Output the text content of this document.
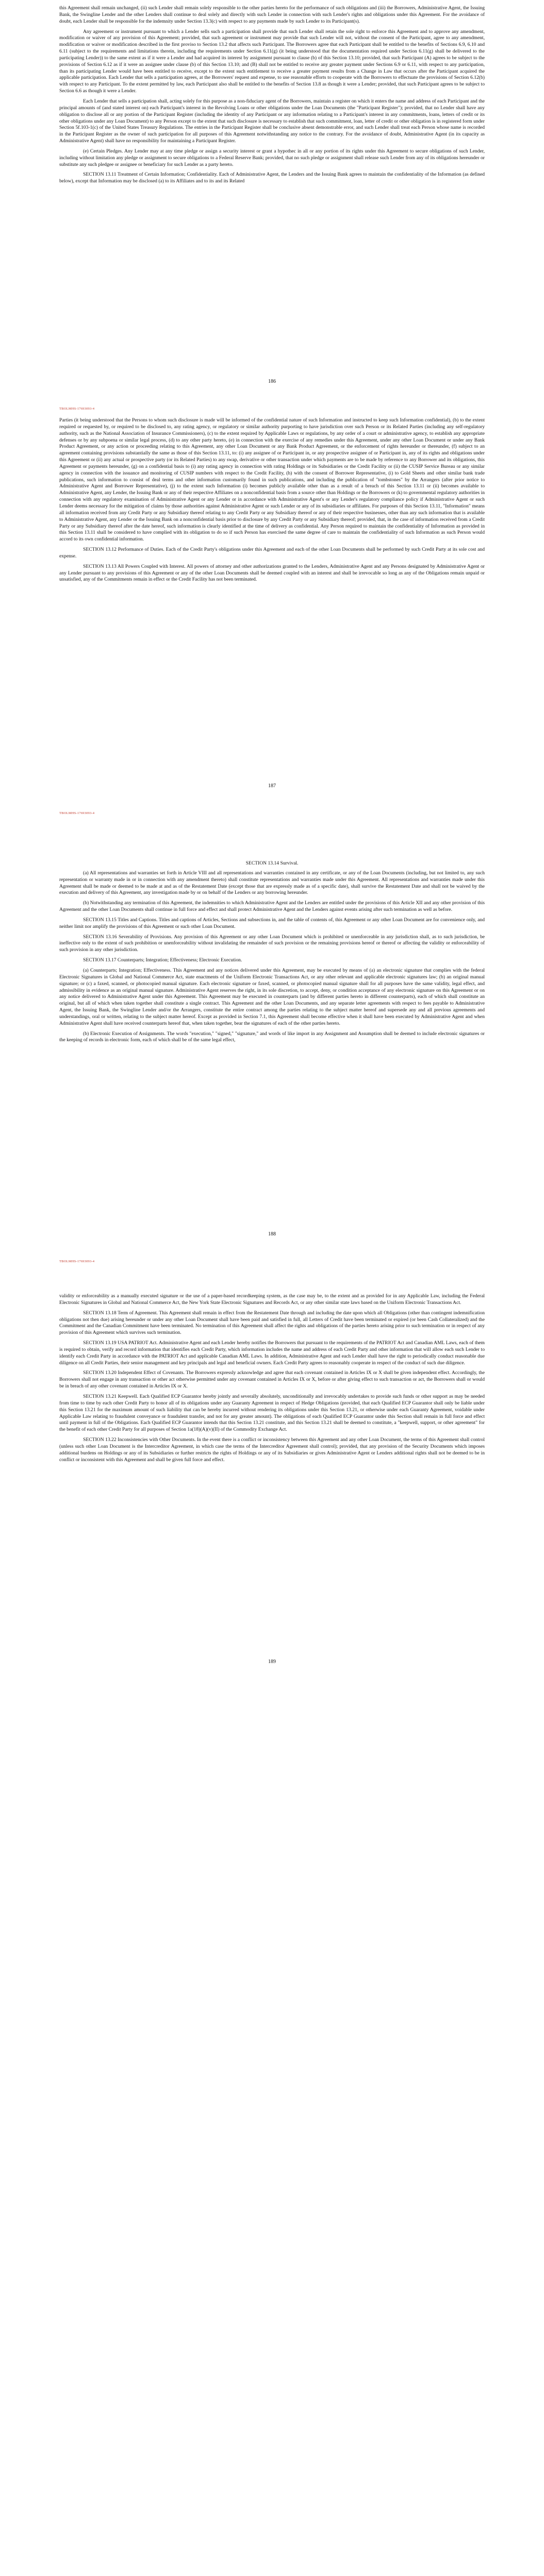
this Agreement shall remain unchanged, (ii) such Lender shall remain solely responsible to the other parties hereto for the performance of such obligations and (iii) the Borrowers, Administrative Agent, the Issuing Bank, the Swingline Lender and the other Lenders shall continue to deal solely and directly with such Lender in connection with such Lender's rights and obligations under this Agreement. For the avoidance of doubt, each Lender shall be responsible for the indemnity under Section 13.3(c) with respect to any payments made by such Lender to its Participant(s).

Any agreement or instrument pursuant to which a Lender sells such a participation shall provide that such Lender shall retain the sole right to enforce this Agreement and to approve any amendment, modification or waiver of any provision of this Agreement; provided, that such agreement or instrument may provide that such Lender will not, without the consent of the Participant, agree to any amendment, modification or waiver or modification described in the first proviso to Section 13.2 that affects such Participant. The Borrowers agree that each Participant shall be entitled to the benefits of Sections 6.9, 6.10 and 6.11 (subject to the requirements and limitations therein, including the requirements under Section 6.11(g) (it being understood that the documentation required under Section 6.11(g) shall be delivered to the participating Lender)) to the same extent as if it were a Lender and had acquired its interest by assignment pursuant to clause (b) of this Section 13.10; provided, that such Participant (A) agrees to be subject to the provisions of Section 6.12 as if it were an assignee under clause (b) of this Section 13.10; and (B) shall not be entitled to receive any greater payment under Sections 6.9 or 6.11, with respect to any participation, than its participating Lender would have been entitled to receive, except to the extent such entitlement to receive a greater payment results from a Change in Law that occurs after the Participant acquired the applicable participation. Each Lender that sells a participation agrees, at the Borrowers' request and expense, to use reasonable efforts to cooperate with the Borrowers to effectuate the provisions of Section 6.12(b) with respect to any Participant. To the extent permitted by law, each Participant also shall be entitled to the benefits of Section 13.8 as though it were a Lender; provided, that such Participant agrees to be subject to Section 6.6 as though it were a Lender.

Each Lender that sells a participation shall, acting solely for this purpose as a non-fiduciary agent of the Borrowers, maintain a register on which it enters the name and address of each Participant and the principal amounts of (and stated interest on) each Participant's interest in the Revolving Loans or other obligations under the Loan Documents (the "Participant Register"); provided, that no Lender shall have any obligation to disclose all or any portion of the Participant Register (including the identity of any Participant or any information relating to a Participant's interest in any commitments, loans, letters of credit or its other obligations under any Loan Document) to any Person except to the extent that such disclosure is necessary to establish that such commitment, loan, letter of credit or other obligation is in registered form under Section 5f.103-1(c) of the United States Treasury Regulations. The entries in the Participant Register shall be conclusive absent demonstrable error, and such Lender shall treat each Person whose name is recorded in the Participant Register as the owner of such participation for all purposes of this Agreement notwithstanding any notice to the contrary. For the avoidance of doubt, Administrative Agent (in its capacity as Administrative Agent) shall have no responsibility for maintaining a Participant Register.

(e) Certain Pledges. Any Lender may at any time pledge or assign a security interest or grant a hypothec in all or any portion of its rights under this Agreement to secure obligations of such Lender, including without limitation any pledge or assignment to secure obligations to a Federal Reserve Bank; provided, that no such pledge or assignment shall release such Lender from any of its obligations hereunder or substitute any such pledgee or assignee or beneficiary for such Lender as a party hereto.

SECTION 13.11 Treatment of Certain Information; Confidentiality. Each of Administrative Agent, the Lenders and the Issuing Bank agrees to maintain the confidentiality of the Information (as defined below), except that Information may be disclosed (a) to its Affiliates and to its and its Related

186
TBOLMHS-17693093-4

Parties (it being understood that the Persons to whom such disclosure is made will be informed of the confidential nature of such Information and instructed to keep such Information confidential), (b) to the extent required or requested by, or required to be disclosed to, any rating agency, or regulatory or similar authority purporting to have jurisdiction over such Person or its Related Parties (including any self-regulatory authority, such as the National Association of Insurance Commissioners), (c) to the extent required by Applicable Laws or regulations, by any order of a court or administrative agency, to establish any appropriate defenses or by any subpoena or similar legal process, (d) to any other party hereto, (e) in connection with the exercise of any remedies under this Agreement, under any other Loan Document or under any Bank Product Agreement, or any action or proceeding relating to this Agreement, any other Loan Document or any Bank Product Agreement, or the enforcement of rights hereunder or thereunder, (f) subject to an agreement containing provisions substantially the same as those of this Section 13.11, to: (i) any assignee of or Participant in, or any prospective assignee of or Participant in, any of its rights and obligations under this Agreement or (ii) any actual or prospective party (or its Related Parties) to any swap, derivative or other transaction under which payments are to be made by reference to any Borrower and its obligations, this Agreement or payments hereunder, (g) on a confidential basis to (i) any rating agency in connection with rating Holdings or its Subsidiaries or the Credit Facility or (ii) the CUSIP Service Bureau or any similar agency in connection with the issuance and monitoring of CUSIP numbers with respect to the Credit Facility, (h) with the consent of Borrower Representative, (i) to Gold Sheets and other similar bank trade publications, such information to consist of deal terms and other information customarily found in such publications, and including the publication of "tombstones" by the Arrangers (after prior notice to Administrative Agent and Borrower Representative), (j) to the extent such Information (i) becomes publicly available other than as a result of a breach of this Section 13.11 or (ii) becomes available to Administrative Agent, any Lender, the Issuing Bank or any of their respective Affiliates on a nonconfidential basis from a source other than Holdings or the Borrowers or (k) to governmental regulatory authorities in connection with any regulatory examination of Administrative Agent or any Lender or in accordance with Administrative Agent's or any Lender's regulatory compliance policy if Administrative Agent or such Lender deems necessary for the mitigation of claims by those authorities against Administrative Agent or such Lender or any of its subsidiaries or affiliates. For purposes of this Section 13.11, "Information" means all information received from any Credit Party or any Subsidiary thereof relating to any Credit Party or any Subsidiary thereof or any of their respective businesses, other than any such information that is available to Administrative Agent, any Lender or the Issuing Bank on a nonconfidential basis prior to disclosure by any Credit Party or any Subsidiary thereof; provided, that, in the case of information received from a Credit Party or any Subsidiary thereof after the date hereof, such information is clearly identified at the time of delivery as confidential. Any Person required to maintain the confidentiality of Information as provided in this Section 13.11 shall be considered to have complied with its obligation to do so if such Person has exercised the same degree of care to maintain the confidentiality of such Information as such Person would accord to its own confidential information.

SECTION 13.12 Performance of Duties. Each of the Credit Party's obligations under this Agreement and each of the other Loan Documents shall be performed by such Credit Party at its sole cost and expense.

SECTION 13.13 All Powers Coupled with Interest. All powers of attorney and other authorizations granted to the Lenders, Administrative Agent and any Persons designated by Administrative Agent or any Lender pursuant to any provisions of this Agreement or any of the other Loan Documents shall be deemed coupled with an interest and shall be irrevocable so long as any of the Obligations remain unpaid or unsatisfied, any of the Commitments remain in effect or the Credit Facility has not been terminated.

187
TBOLMHS-17693093-4

SECTION 13.14 Survival.

(a) All representations and warranties set forth in Article VIII and all representations and warranties contained in any certificate, or any of the Loan Documents (including, but not limited to, any such representation or warranty made in or in connection with any amendment thereto) shall constitute representations and warranties made under this Agreement. All representations and warranties made under this Agreement shall be made or deemed to be made at and as of the Restatement Date (except those that are expressly made as of a specific date), shall survive the Restatement Date and shall not be waived by the execution and delivery of this Agreement, any investigation made by or on behalf of the Lenders or any borrowing hereunder.

(b) Notwithstanding any termination of this Agreement, the indemnities to which Administrative Agent and the Lenders are entitled under the provisions of this Article XII and any other provision of this Agreement and the other Loan Documents shall continue in full force and effect and shall protect Administrative Agent and the Lenders against events arising after such termination as well as before.

SECTION 13.15 Titles and Captions. Titles and captions of Articles, Sections and subsections in, and the table of contents of, this Agreement or any other Loan Document are for convenience only, and neither limit nor amplify the provisions of this Agreement or such other Loan Document.

SECTION 13.16 Severability of Provisions. Any provision of this Agreement or any other Loan Document which is prohibited or unenforceable in any jurisdiction shall, as to such jurisdiction, be ineffective only to the extent of such prohibition or unenforceability without invalidating the remainder of such provision or the remaining provisions hereof or thereof or affecting the validity or enforceability of such provision in any other jurisdiction.

SECTION 13.17 Counterparts; Integration; Effectiveness; Electronic Execution.

(a) Counterparts; Integration; Effectiveness. This Agreement and any notices delivered under this Agreement, may be executed by means of (a) an electronic signature that complies with the federal Electronic Signatures in Global and National Commerce Act, state enactments of the Uniform Electronic Transactions Act, or any other relevant and applicable electronic signatures law; (b) an original manual signature; or (c) a faxed, scanned, or photocopied manual signature. Each electronic signature or faxed, scanned, or photocopied manual signature shall for all purposes have the same validity, legal effect, and admissibility in evidence as an original manual signature. Administrative Agent reserves the right, in its sole discretion, to accept, deny, or condition acceptance of any electronic signature on this Agreement or on any notice delivered to Administrative Agent under this Agreement. This Agreement may be executed in counterparts (and by different parties hereto in different counterparts), each of which shall constitute an original, but all of which when taken together shall constitute a single contract. This Agreement and the other Loan Documents, and any separate letter agreements with respect to fees payable to Administrative Agent, the Issuing Bank, the Swingline Lender and/or the Arrangers, constitute the entire contract among the parties relating to the subject matter hereof and supersede any and all previous agreements and understandings, oral or written, relating to the subject matter hereof. Except as provided in Section 7.1, this Agreement shall become effective when it shall have been executed by Administrative Agent and when Administrative Agent shall have received counterparts hereof that, when taken together, bear the signatures of each of the other parties hereto.

(b) Electronic Execution of Assignments. The words "execution," "signed," "signature," and words of like import in any Assignment and Assumption shall be deemed to include electronic signatures or the keeping of records in electronic form, each of which shall be of the same legal effect,

188
TBOLMHS-17693093-4

validity or enforceability as a manually executed signature or the use of a paper-based recordkeeping system, as the case may be, to the extent and as provided for in any Applicable Law, including the Federal Electronic Signatures in Global and National Commerce Act, the New York State Electronic Signatures and Records Act, or any other similar state laws based on the Uniform Electronic Transactions Act.

SECTION 13.18 Term of Agreement. This Agreement shall remain in effect from the Restatement Date through and including the date upon which all Obligations (other than contingent indemnification obligations not then due) arising hereunder or under any other Loan Document shall have been paid and satisfied in full, all Letters of Credit have been terminated or expired (or been Cash Collateralized) and the Commitment and the Canadian Commitment have been terminated. No termination of this Agreement shall affect the rights and obligations of the parties hereto arising prior to such termination or in respect of any provision of this Agreement which survives such termination.

SECTION 13.19 USA PATRIOT Act. Administrative Agent and each Lender hereby notifies the Borrowers that pursuant to the requirements of the PATRIOT Act and Canadian AML Laws, each of them is required to obtain, verify and record information that identifies each Credit Party, which information includes the name and address of each Credit Party and other information that will allow each such Lender to identify each Credit Party in accordance with the PATRIOT Act and applicable Canadian AML Laws. In addition, Administrative Agent and each Lender shall have the right to periodically conduct reasonable due diligence on all Credit Parties, their senior management and key principals and legal and beneficial owners. Each Credit Party agrees to reasonably cooperate in respect of the conduct of such due diligence.

SECTION 13.20 Independent Effect of Covenants. The Borrowers expressly acknowledge and agree that each covenant contained in Articles IX or X shall be given independent effect. Accordingly, the Borrowers shall not engage in any transaction or other act otherwise permitted under any covenant contained in Articles IX or X, before or after giving effect to such transaction or act, the Borrowers shall or would be in breach of any other covenant contained in Articles IX or X.

SECTION 13.21 Keepwell. Each Qualified ECP Guarantor hereby jointly and severally absolutely, unconditionally and irrevocably undertakes to provide such funds or other support as may be needed from time to time by each other Credit Party to honor all of its obligations under any Guaranty Agreement in respect of Hedge Obligations (provided, that each Qualified ECP Guarantor shall only be liable under this Section 13.21 for the maximum amount of such liability that can be hereby incurred without rendering its obligations under this Section 13.21, or otherwise under each Guaranty Agreement, voidable under Applicable Law relating to fraudulent conveyance or fraudulent transfer, and not for any greater amount). The obligations of each Qualified ECP Guarantor under this Section shall remain in full force and effect until payment in full of the Obligations. Each Qualified ECP Guarantor intends that this Section 13.21 constitute, and this Section 13.21 shall be deemed to constitute, a "keepwell, support, or other agreement" for the benefit of each other Credit Party for all purposes of Section 1a(18)(A)(v)(II) of the Commodity Exchange Act.

SECTION 13.22 Inconsistencies with Other Documents. In the event there is a conflict or inconsistency between this Agreement and any other Loan Document, the terms of this Agreement shall control (unless such other Loan Document is the Intercreditor Agreement, in which case the terms of the Intercreditor Agreement shall control); provided, that any provision of the Security Documents which imposes additional burdens on Holdings or any of its Subsidiaries or further restricts the rights of Holdings or any of its Subsidiaries or gives Administrative Agent or Lenders additional rights shall not be deemed to be in conflict or inconsistent with this Agreement and shall be given full force and effect.

189
